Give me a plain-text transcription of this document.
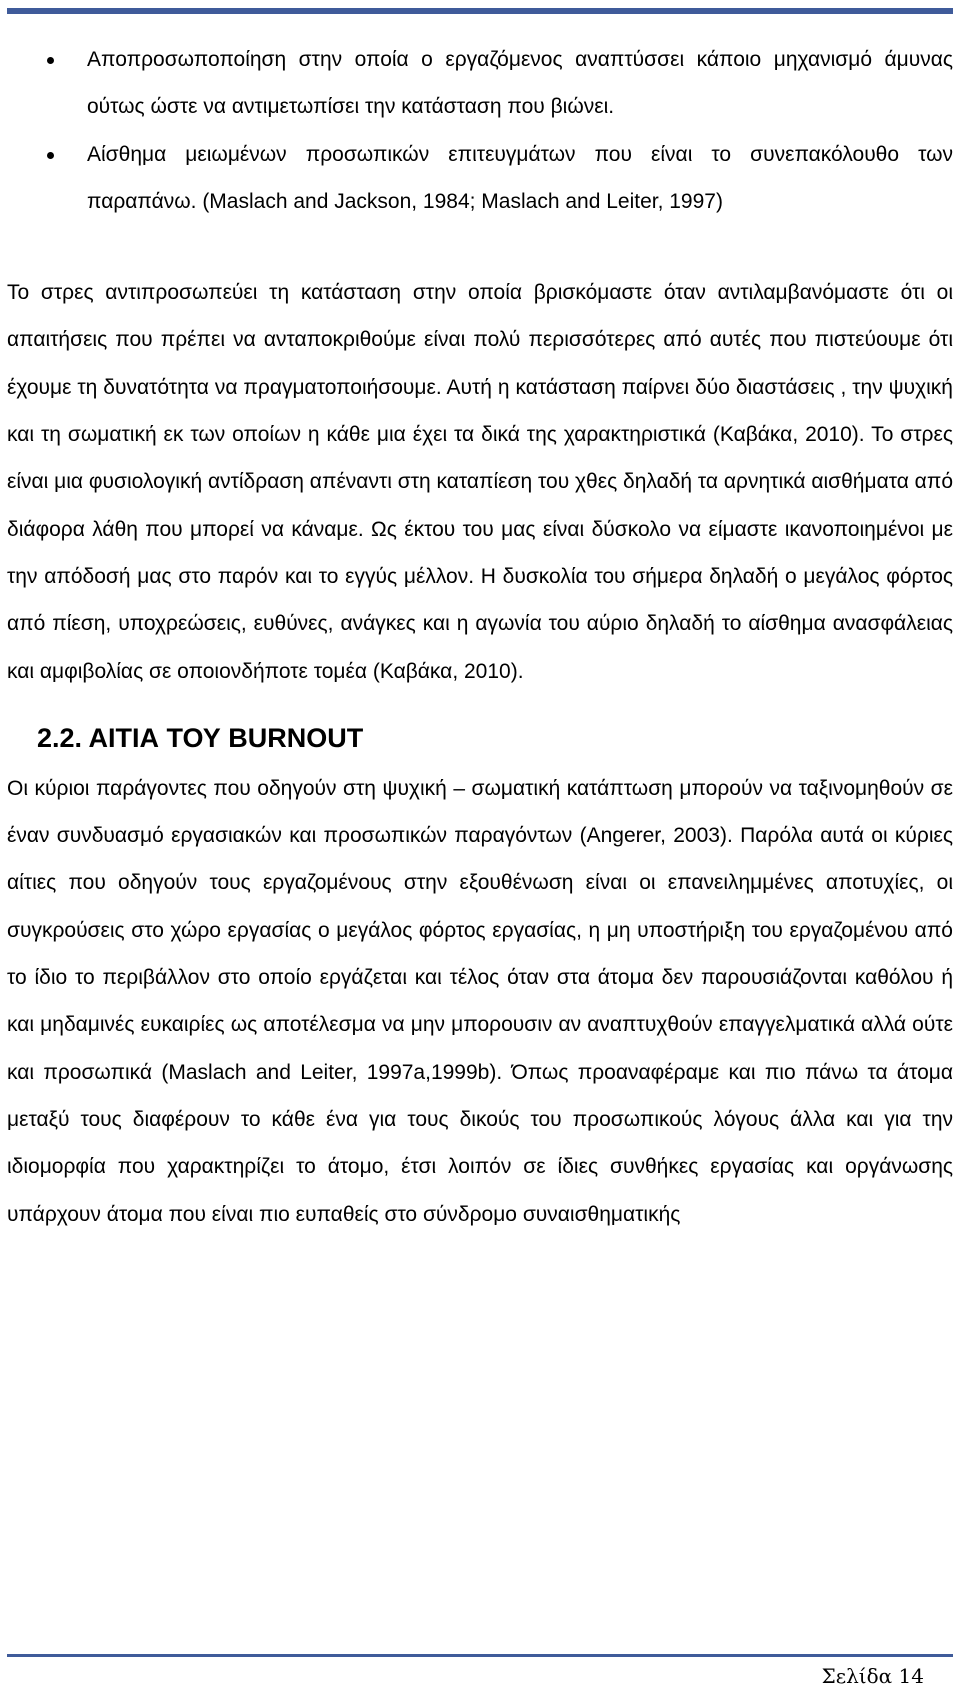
Αποπροσωποποίηση στην οποία ο εργαζόμενος αναπτύσσει κάποιο μηχανισμό άμυνας ούτως ώστε να αντιμετωπίσει την κατάσταση που βιώνει.
Αίσθημα μειωμένων προσωπικών επιτευγμάτων που είναι το συνεπακόλουθο των παραπάνω. (Maslach and Jackson, 1984; Maslach and Leiter, 1997)

Το στρες αντιπροσωπεύει τη κατάσταση στην οποία βρισκόμαστε όταν αντιλαμβανόμαστε ότι οι απαιτήσεις που πρέπει να ανταποκριθούμε είναι πολύ περισσότερες από αυτές που πιστεύουμε ότι έχουμε τη δυνατότητα να πραγματοποιήσουμε. Αυτή η κατάσταση παίρνει δύο διαστάσεις , την ψυχική και τη σωματική εκ των οποίων η κάθε μια έχει τα δικά της χαρακτηριστικά (Καβάκα, 2010). Το στρες είναι μια φυσιολογική αντίδραση απέναντι στη καταπίεση του χθες δηλαδή τα αρνητικά αισθήματα από διάφορα λάθη που μπορεί να κάναμε. Ως έκτου του μας είναι δύσκολο να είμαστε ικανοποιημένοι με την απόδοσή μας στο παρόν και το εγγύς μέλλον. Η δυσκολία του σήμερα δηλαδή ο μεγάλος φόρτος από πίεση, υποχρεώσεις, ευθύνες, ανάγκες και η αγωνία του αύριο δηλαδή το αίσθημα ανασφάλειας και αμφιβολίας σε οποιονδήποτε τομέα (Καβάκα, 2010).

2.2. ΑΙΤΙΑ ΤΟΥ BURNOUT

Οι κύριοι παράγοντες που οδηγούν στη ψυχική – σωματική κατάπτωση μπορούν να ταξινομηθούν σε έναν συνδυασμό εργασιακών και προσωπικών παραγόντων (Angerer, 2003). Παρόλα αυτά οι κύριες αίτιες που οδηγούν τους εργαζομένους στην εξουθένωση είναι οι επανειλημμένες αποτυχίες, οι συγκρούσεις στο χώρο εργασίας ο μεγάλος φόρτος εργασίας, η μη υποστήριξη του εργαζομένου από το ίδιο το περιβάλλον στο οποίο εργάζεται και τέλος όταν στα άτομα δεν παρουσιάζονται καθόλου ή και μηδαμινές ευκαιρίες ως αποτέλεσμα να μην μπορουσιν αν αναπτυχθούν επαγγελματικά αλλά ούτε και προσωπικά (Maslach and Leiter, 1997a,1999b). Όπως προαναφέραμε και πιο πάνω τα άτομα μεταξύ τους διαφέρουν το κάθε ένα για τους δικούς του προσωπικούς λόγους άλλα και για την ιδιομορφία που χαρακτηρίζει το άτομο, έτσι λοιπόν σε ίδιες συνθήκες εργασίας και οργάνωσης υπάρχουν άτομα που είναι πιο ευπαθείς στο σύνδρομο συναισθηματικής

Σελίδα 14
